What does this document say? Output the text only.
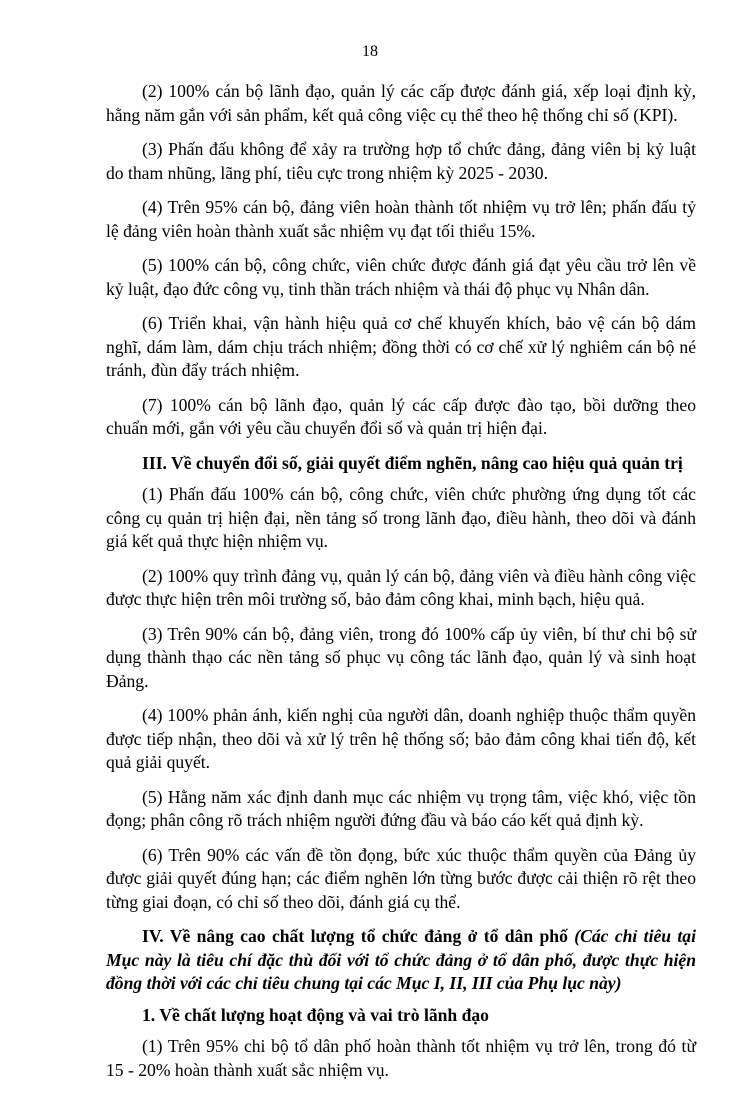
18

(2) 100% cán bộ lãnh đạo, quản lý các cấp được đánh giá, xếp loại định kỳ, hằng năm gắn với sản phẩm, kết quả công việc cụ thể theo hệ thống chỉ số (KPI).

(3) Phấn đấu không để xảy ra trường hợp tổ chức đảng, đảng viên bị kỷ luật do tham nhũng, lãng phí, tiêu cực trong nhiệm kỳ 2025 - 2030.

(4) Trên 95% cán bộ, đảng viên hoàn thành tốt nhiệm vụ trở lên; phấn đấu tỷ lệ đảng viên hoàn thành xuất sắc nhiệm vụ đạt tối thiểu 15%.

(5) 100% cán bộ, công chức, viên chức được đánh giá đạt yêu cầu trở lên về kỷ luật, đạo đức công vụ, tinh thần trách nhiệm và thái độ phục vụ Nhân dân.

(6) Triển khai, vận hành hiệu quả cơ chế khuyến khích, bảo vệ cán bộ dám nghĩ, dám làm, dám chịu trách nhiệm; đồng thời có cơ chế xử lý nghiêm cán bộ né tránh, đùn đẩy trách nhiệm.

(7) 100% cán bộ lãnh đạo, quản lý các cấp được đào tạo, bồi dưỡng theo chuẩn mới, gắn với yêu cầu chuyển đổi số và quản trị hiện đại.

III. Về chuyển đổi số, giải quyết điểm nghẽn, nâng cao hiệu quả quản trị

(1) Phấn đấu 100% cán bộ, công chức, viên chức phường ứng dụng tốt các công cụ quản trị hiện đại, nền tảng số trong lãnh đạo, điều hành, theo dõi và đánh giá kết quả thực hiện nhiệm vụ.

(2) 100% quy trình đảng vụ, quản lý cán bộ, đảng viên và điều hành công việc được thực hiện trên môi trường số, bảo đảm công khai, minh bạch, hiệu quả.

(3) Trên 90% cán bộ, đảng viên, trong đó 100% cấp ủy viên, bí thư chi bộ sử dụng thành thạo các nền tảng số phục vụ công tác lãnh đạo, quản lý và sinh hoạt Đảng.

(4) 100% phản ánh, kiến nghị của người dân, doanh nghiệp thuộc thẩm quyền được tiếp nhận, theo dõi và xử lý trên hệ thống số; bảo đảm công khai tiến độ, kết quả giải quyết.

(5) Hằng năm xác định danh mục các nhiệm vụ trọng tâm, việc khó, việc tồn đọng; phân công rõ trách nhiệm người đứng đầu và báo cáo kết quả định kỳ.

(6) Trên 90% các vấn đề tồn đọng, bức xúc thuộc thẩm quyền của Đảng ủy được giải quyết đúng hạn; các điểm nghẽn lớn từng bước được cải thiện rõ rệt theo từng giai đoạn, có chỉ số theo dõi, đánh giá cụ thể.

IV. Về nâng cao chất lượng tổ chức đảng ở tổ dân phố (Các chỉ tiêu tại Mục này là tiêu chí đặc thù đối với tổ chức đảng ở tổ dân phố, được thực hiện đồng thời với các chỉ tiêu chung tại các Mục I, II, III của Phụ lục này)

1. Về chất lượng hoạt động và vai trò lãnh đạo

(1) Trên 95% chi bộ tổ dân phố hoàn thành tốt nhiệm vụ trở lên, trong đó từ 15 - 20% hoàn thành xuất sắc nhiệm vụ.
